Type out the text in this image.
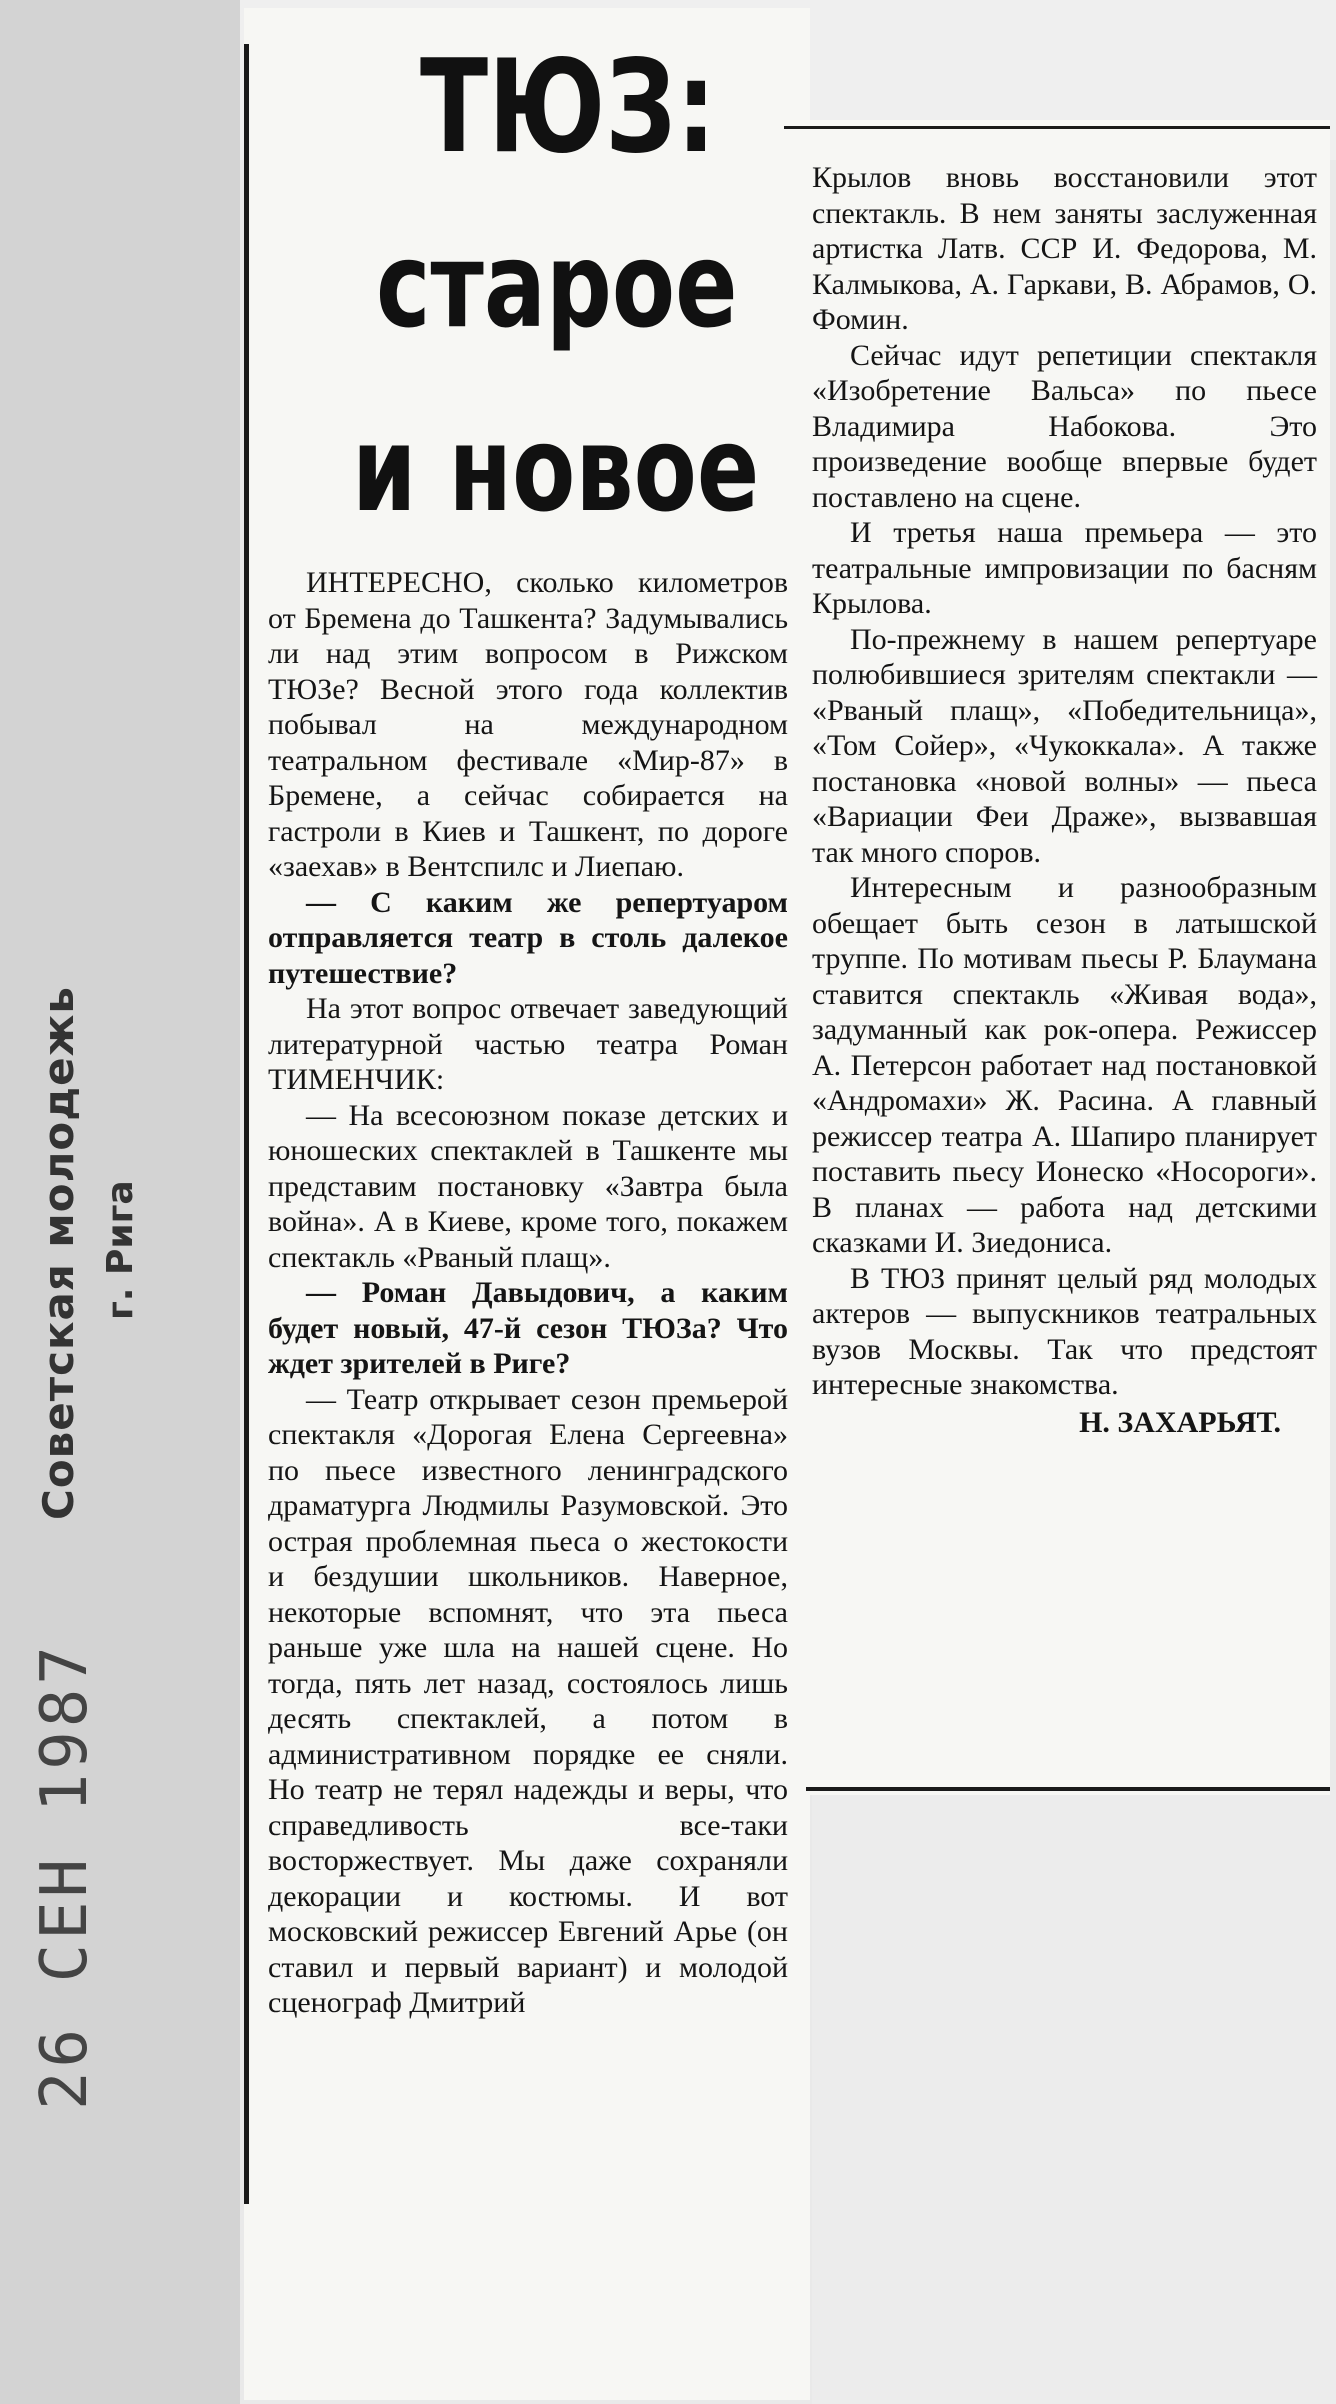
Советская молодежь г. Рига
26 СЕН 1987
ТЮЗ:
старое
и новое

ИНТЕРЕСНО, сколько километров от Бремена до Ташкента? Задумывались ли над этим вопросом в Рижском ТЮЗе? Весной этого года коллектив побывал на международном театральном фестивале «Мир-87» в Бремене, а сейчас собирается на гастроли в Киев и Ташкент, по дороге «заехав» в Вентспилс и Лиепаю.

— С каким же репертуаром отправляется театр в столь далекое путешествие?

На этот вопрос отвечает заведующий литературной частью театра Роман ТИМЕНЧИК:

— На всесоюзном показе детских и юношеских спектаклей в Ташкенте мы представим постановку «Завтра была война». А в Киеве, кроме того, покажем спектакль «Рваный плащ».

— Роман Давыдович, а каким будет новый, 47-й сезон ТЮЗа? Что ждет зрителей в Риге?

— Театр открывает сезон премьерой спектакля «Дорогая Елена Сергеевна» по пьесе известного ленинградского драматурга Людмилы Разумовской. Это острая проблемная пьеса о жестокости и бездушии школьников. Наверное, некоторые вспомнят, что эта пьеса раньше уже шла на нашей сцене. Но тогда, пять лет назад, состоялось лишь десять спектаклей, а потом в административном порядке ее сняли. Но театр не терял надежды и веры, что справедливость все-таки восторжествует. Мы даже сохраняли декорации и костюмы. И вот московский режиссер Евгений Арье (он ставил и первый вариант) и молодой сценограф Дмитрий

Крылов вновь восстановили этот спектакль. В нем заняты заслуженная артистка Латв. ССР И. Федорова, М. Калмыкова, А. Гаркави, В. Абрамов, О. Фомин.

Сейчас идут репетиции спектакля «Изобретение Вальса» по пьесе Владимира Набокова. Это произведение вообще впервые будет поставлено на сцене.

И третья наша премьера — это театральные импровизации по басням Крылова.

По-прежнему в нашем репертуаре полюбившиеся зрителям спектакли — «Рваный плащ», «Победительница», «Том Сойер», «Чукоккала». А также постановка «новой волны» — пьеса «Вариации Феи Драже», вызвавшая так много споров.

Интересным и разнообразным обещает быть сезон в латышской труппе. По мотивам пьесы Р. Блаумана ставится спектакль «Живая вода», задуманный как рок-опера. Режиссер А. Петерсон работает над постановкой «Андромахи» Ж. Расина. А главный режиссер театра А. Шапиро планирует поставить пьесу Ионеско «Носороги». В планах — работа над детскими сказками И. Зиедониса.

В ТЮЗ принят целый ряд молодых актеров — выпускников театральных вузов Москвы. Так что предстоят интересные знакомства.

Н. ЗАХАРЬЯТ.
